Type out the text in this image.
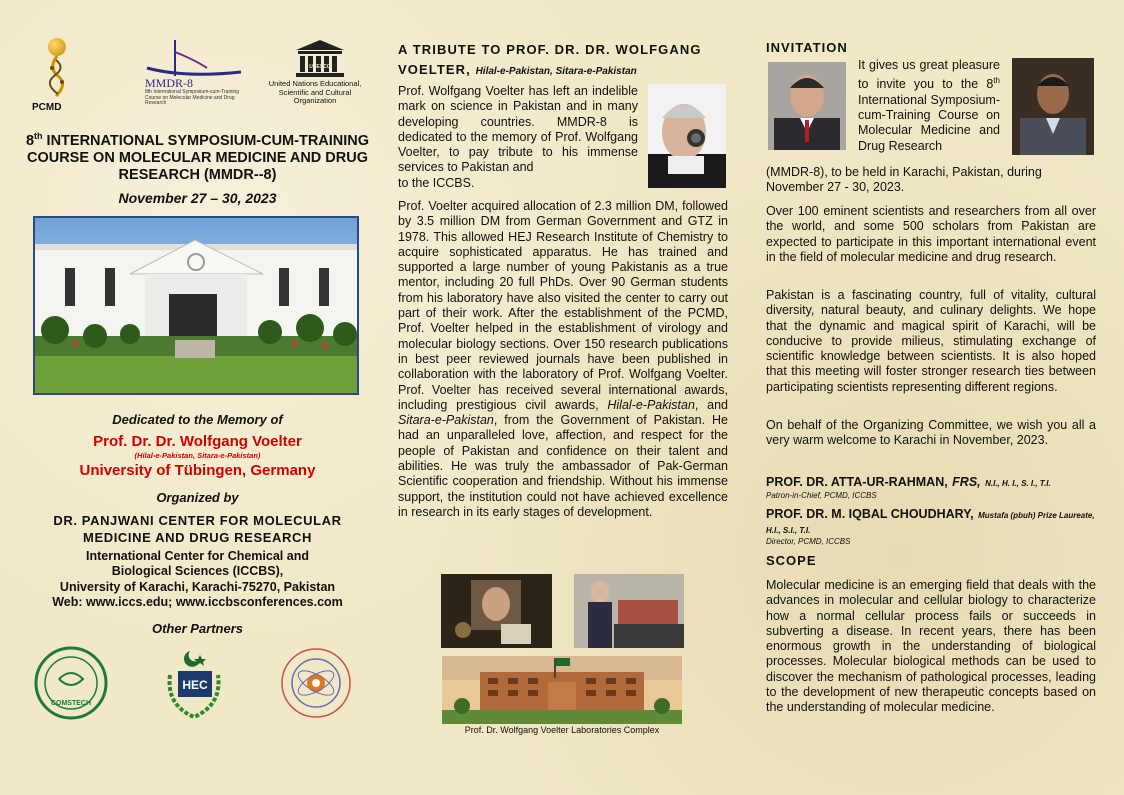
PCMD
MMDR-8
8th International Symposium-cum-Training Course on Molecular Medicine and Drug Research
UNESCO
United Nations Educational, Scientific and Cultural Organization
8th INTERNATIONAL SYMPOSIUM-CUM-TRAINING COURSE ON MOLECULAR MEDICINE AND DRUG RESEARCH (MMDR--8)
November 27 – 30, 2023
Dedicated to the Memory of
Prof. Dr. Dr. Wolfgang Voelter
(Hilal-e-Pakistan, Sitara-e-Pakistan)
University of Tübingen, Germany
Organized by
DR. PANJWANI CENTER FOR MOLECULAR MEDICINE AND DRUG RESEARCH
International Center for Chemical and
Biological Sciences (ICCBS),
University of Karachi, Karachi-75270, Pakistan
Web: www.iccs.edu; www.iccbsconferences.com
Other Partners
COMSTECH
HEC
A TRIBUTE TO PROF. DR. DR. WOLFGANG VOELTER, Hilal-e-Pakistan, Sitara-e-Pakistan
Prof. Wolfgang Voelter has left an indelible mark on science in Pakistan and in many developing countries. MMDR-8 is dedicated to the memory of Prof. Wolfgang Voelter, to pay tribute to his immense services to Pakistan and
to the ICCBS.
Prof. Voelter acquired allocation of 2.3 million DM, followed by 3.5 million DM from German Government and GTZ in 1978. This allowed HEJ Research Institute of Chemistry to acquire sophisticated apparatus. He has trained and supported a large number of young Pakistanis as a true mentor, including 20 full PhDs. Over 90 German students from his laboratory have also visited the center to carry out part of their work. After the establishment of the PCMD, Prof. Voelter helped in the establishment of virology and molecular biology sections. Over 150 research publications in best peer reviewed journals have been published in collaboration with the laboratory of Prof. Wolfgang Voelter. Prof. Voelter has received several international awards, including prestigious civil awards, Hilal-e-Pakistan, and Sitara-e-Pakistan, from the Government of Pakistan. He had an unparalleled love, affection, and respect for the people of Pakistan and confidence on their talent and abilities. He was truly the ambassador of Pak-German Scientific cooperation and friendship. Without his immense support, the institution could not have achieved excellence in research in its early stages of development.
Prof. Dr. Wolfgang Voelter Laboratories Complex
INVITATION
It gives us great pleasure to invite you to the 8th International Symposium-cum-Training Course on Molecular Medicine and Drug Research
(MMDR-8), to be held in Karachi, Pakistan, during November 27 - 30, 2023.
Over 100 eminent scientists and researchers from all over the world, and some 500 scholars from Pakistan are expected to participate in this important international event in the field of molecular medicine and drug research.
Pakistan is a fascinating country, full of vitality, cultural diversity, natural beauty, and culinary delights. We hope that the dynamic and magical spirit of Karachi, will be conducive to provide milieus, stimulating exchange of scientific knowledge between scientists. It is also hoped that this meeting will foster stronger research ties between participating scientists representing different regions.
On behalf of the Organizing Committee, we wish you all a very warm welcome to Karachi in November, 2023.
PROF. DR. ATTA-UR-RAHMAN, FRS, N.I., H. I., S. I., T.I.
Patron-in-Chief, PCMD, ICCBS
PROF. DR. M. IQBAL CHOUDHARY, Mustafa (pbuh) Prize Laureate, H.I., S.I., T.I.
Director, PCMD, ICCBS
SCOPE
Molecular medicine is an emerging field that deals with the advances in molecular and cellular biology to characterize how a normal cellular process fails or succeeds in subverting a disease. In recent years, there has been enormous growth in the understanding of biological processes. Molecular biological methods can be used to discover the mechanism of pathological processes, leading to the development of new therapeutic concepts based on the understanding of molecular medicine.
